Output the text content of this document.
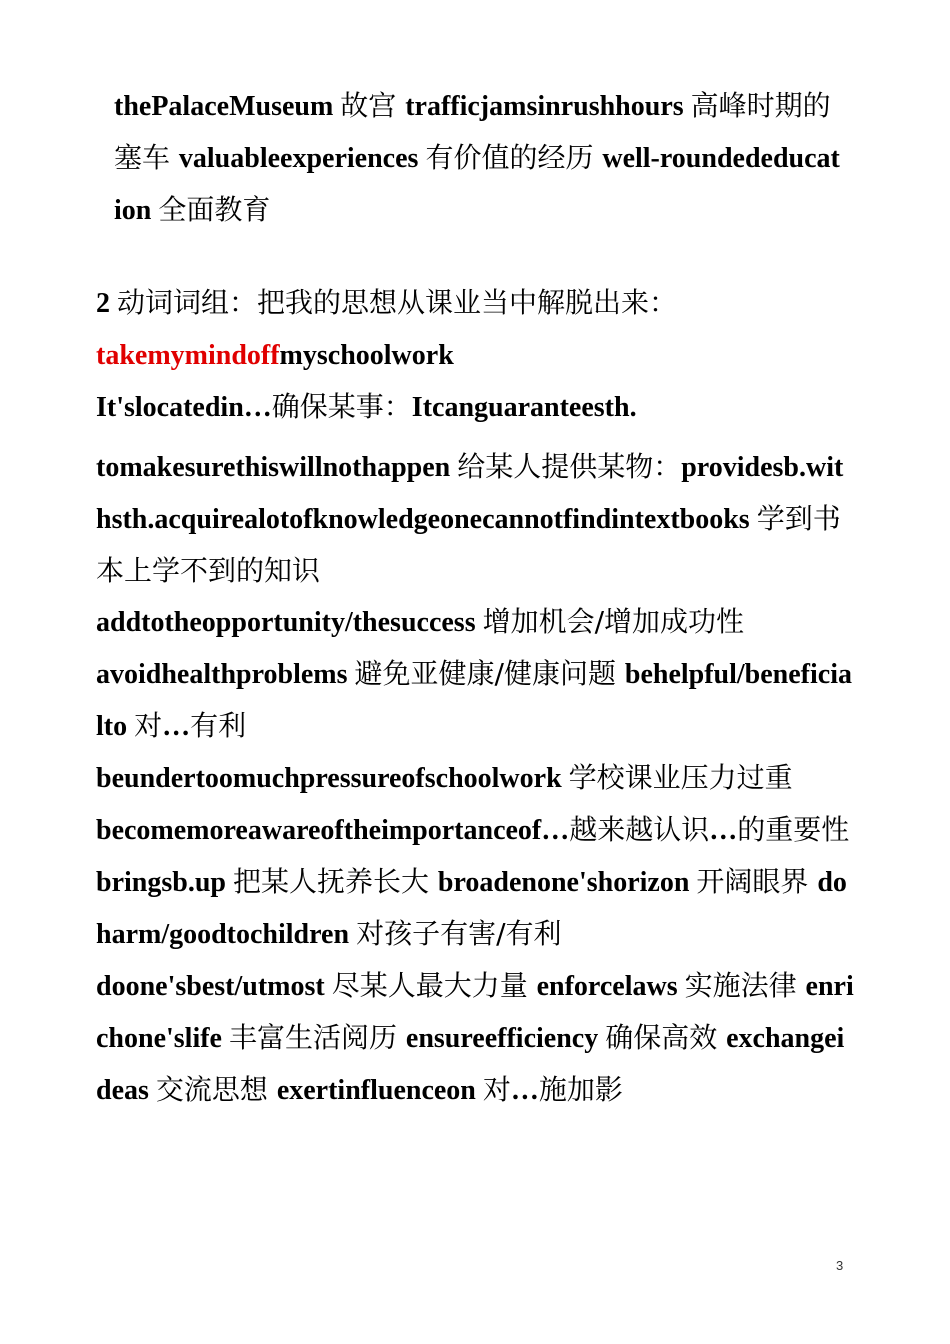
thePalaceMuseum 故宫 trafficjamsinrushhours 高峰时期的塞车 valuableexperiences 有价值的经历 well-roundededucation 全面教育
2 动词词组：把我的思想从课业当中解脱出来：
takemymindoffmyschoolwork
It'slocatedin…确保某事：Itcanguaranteesth.

tomakesurethiswillnothappen 给某人提供某物：providesb.withsth.acquirealotofknowledgeonecannotfindintextbooks 学到书本上学不到的知识

addtotheopportunity/thesuccess 增加机会/增加成功性

avoidhealthproblems 避免亚健康/健康问题 behelpful/beneficialto 对…有利

beundertoomuchpressureofschoolwork 学校课业压力过重

becomemoreawareoftheimportanceof…越来越认识…的重要性

bringsb.up 把某人抚养长大 broadenone'shorizon 开阔眼界 doharm/goodtochildren 对孩子有害/有利

doone'sbest/utmost 尽某人最大力量 enforcelaws 实施法律 enrichone'slife 丰富生活阅历 ensureefficiency 确保高效 exchangeideas 交流思想 exertinfluenceon 对…施加影

3
